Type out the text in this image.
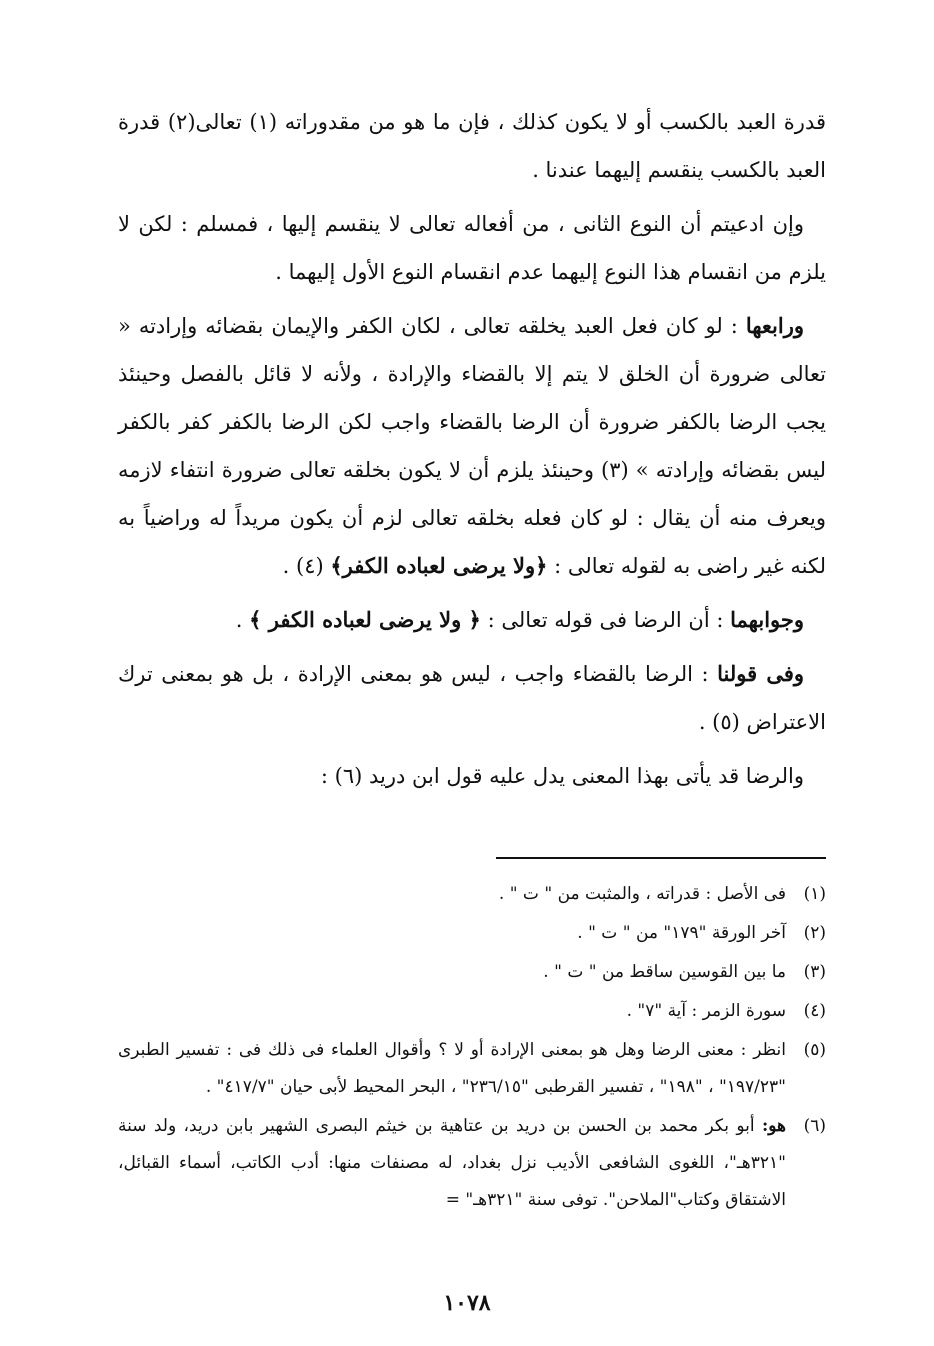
قدرة العبد بالكسب أو لا يكون كذلك ، فإن ما هو من مقدوراته (١) تعالى(٢) قدرة العبد بالكسب ينقسم إليهما عندنا .

وإن ادعيتم أن النوع الثانى ، من أفعاله تعالى لا ينقسم إليها ، فمسلم : لكن لا يلزم من انقسام هذا النوع إليهما عدم انقسام النوع الأول إليهما .

ورابعها : لو كان فعل العبد يخلقه تعالى ، لكان الكفر والإيمان بقضائه وإرادته « تعالى ضرورة أن الخلق لا يتم إلا بالقضاء والإرادة ، ولأنه لا قائل بالفصل وحينئذ يجب الرضا بالكفر ضرورة أن الرضا بالقضاء واجب لكن الرضا بالكفر كفر بالكفر ليس بقضائه وإرادته » (٣) وحينئذ يلزم أن لا يكون بخلقه تعالى ضرورة انتفاء لازمه ويعرف منه أن يقال : لو كان فعله بخلقه تعالى لزم أن يكون مريداً له وراضياً به لكنه غير راضى به لقوله تعالى : ﴿ولا يرضى لعباده الكفر﴾ (٤) .

وجوابهما : أن الرضا فى قوله تعالى : ﴿ ولا يرضى لعباده الكفر ﴾ .

وفى قولنا : الرضا بالقضاء واجب ، ليس هو بمعنى الإرادة ، بل هو بمعنى ترك الاعتراض (٥) .

والرضا قد يأتى بهذا المعنى يدل عليه قول ابن دريد (٦) :

(١)
فى الأصل : قدراته ، والمثبت من " ت " .
(٢)
آخر الورقة "١٧٩" من " ت " .
(٣)
ما بين القوسين ساقط من " ت " .
(٤)
سورة الزمر : آية "٧" .
(٥)
انظر : معنى الرضا وهل هو بمعنى الإرادة أو لا ؟ وأقوال العلماء فى ذلك فى : تفسير الطبرى "١٩٧/٢٣" ، "١٩٨" ، تفسير القرطبى "٢٣٦/١٥" ، البحر المحيط لأبى حيان "٤١٧/٧" .
(٦)
هو: أبو بكر محمد بن الحسن بن دريد بن عتاهية بن خيثم البصرى الشهير بابن دريد، ولد سنة "٣٢١هـ"، اللغوى الشافعى الأديب نزل بغداد، له مصنفات منها: أدب الكاتب، أسماء القبائل، الاشتقاق وكتاب"الملاحن". توفى سنة "٣٢١هـ" =
١٠٧٨
